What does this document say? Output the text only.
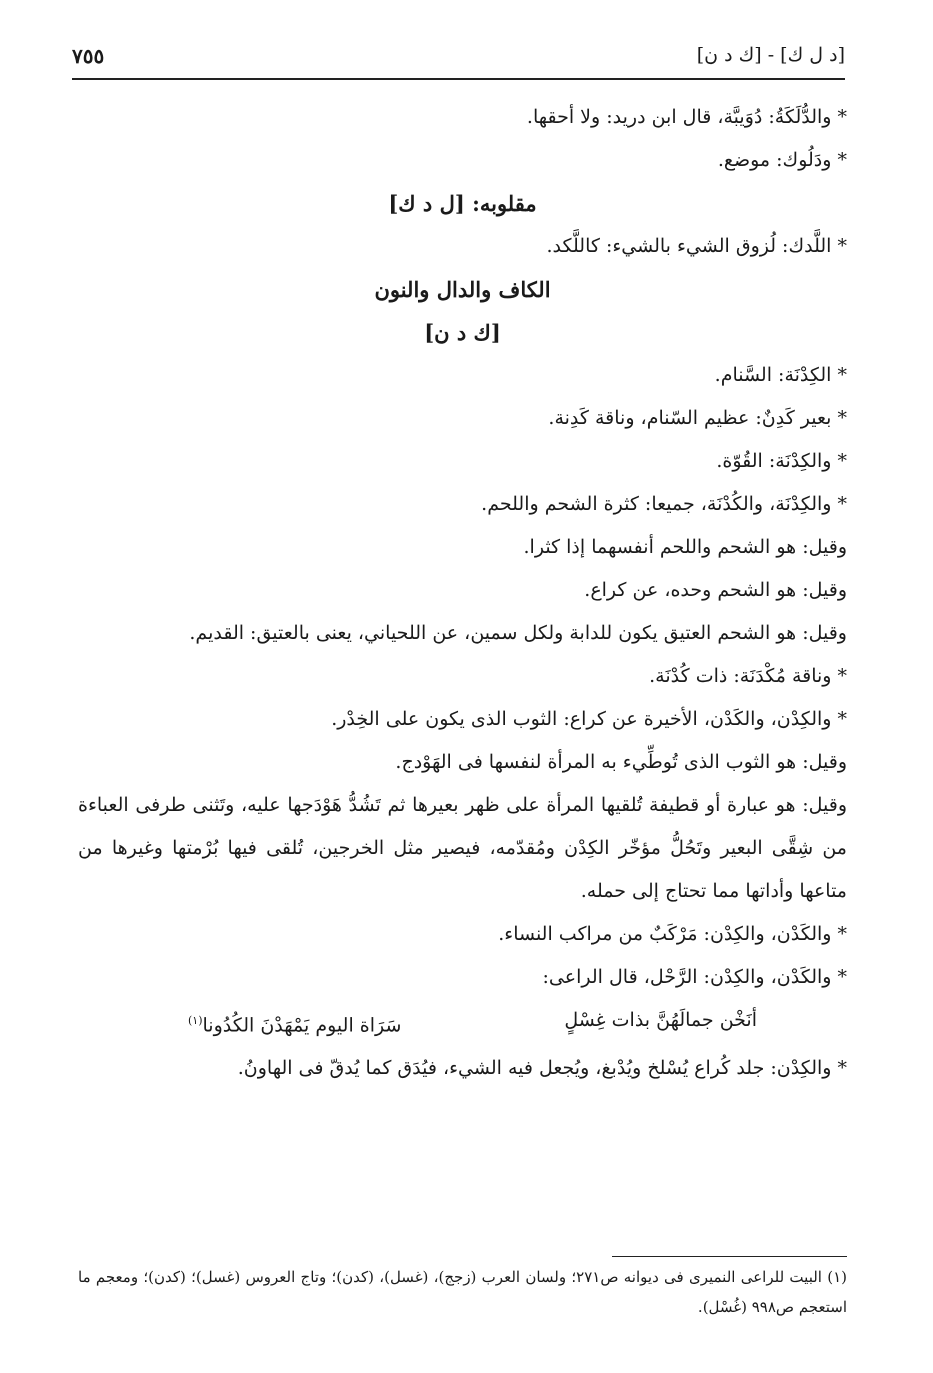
[د ل ك] - [ك د ن]
٧٥٥

* والدُّلَكَةُ: دُوَيبَّة، قال ابن دريد: ولا أحقها.

* ودَلُوك: موضع.

مقلوبه: [ل د ك]

* اللَّدك: لُزوق الشيء بالشيء: كاللَّكد.

الكاف والدال والنون

[ك د ن]

* الكِدْنَة: السَّنام.

* بعير كَدِنٌ: عظيم السّنام، وناقة كَدِنة.

* والكِدْنَة: القُوّة.

* والكِدْنَة، والكُدْنَة، جميعا: كثرة الشحم واللحم.

وقيل: هو الشحم واللحم أنفسهما إذا كثرا.

وقيل: هو الشحم وحده، عن كراع.

وقيل: هو الشحم العتيق يكون للدابة ولكل سمين، عن اللحياني، يعنى بالعتيق: القديم.

* وناقة مُكْدَنَة: ذات كُدْنَة.

* والكِدْن، والكَدْن، الأخيرة عن كراع: الثوب الذى يكون على الخِدْر.

وقيل: هو الثوب الذى تُوطِّيء به المرأة لنفسها فى الهَوْدج.

وقيل: هو عبارة أو قطيفة تُلقيها المرأة على ظهر بعيرها ثم تَشُدُّ هَوْدَجها عليه، وتَثنى طرفى العباءة من شِقَّى البعير وتَحُلُّ مؤخّر الكِدْن ومُقدّمه، فيصير مثل الخرجين، تُلقى فيها بُرْمتها وغيرها من متاعها وأداتها مما تحتاج إلى حمله.

* والكَدْن، والكِدْن: مَرْكَبٌ من مراكب النساء.

* والكَدْن، والكِدْن: الرَّحْل، قال الراعى:

أنَخْن جمالَهُنَّ بذات غِسْلٍ
سَرَاة اليوم يَمْهَدْنَ الكُدُونا$^{(١)}$

* والكِدْن: جلد كُراع يُسْلخ ويُدْبغ، ويُجعل فيه الشيء، فيُدَق كما يُدقّ فى الهاونُ.

(١) البيت للراعى النميرى فى ديوانه ص٢٧١؛ ولسان العرب (زجج)، (غسل)، (كدن)؛ وتاج العروس (غسل)؛ (كدن)؛ ومعجم ما استعجم ص٩٩٨ (غُسْل).
